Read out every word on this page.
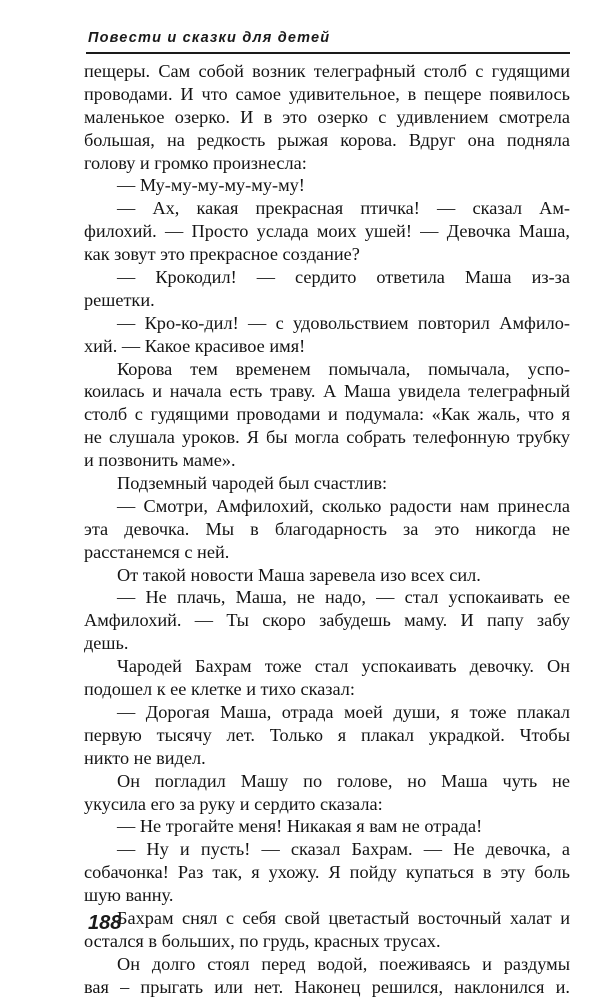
Повести и сказки для детей
пещеры. Сам собой возник телеграфный столб с гудящими
проводами. И что самое удивительное, в пещере появилось
маленькое озерко. И в это озерко с удивлением смотрела
большая, на редкость рыжая корова. Вдруг она подняла
голову и громко произнесла:
— Му-му-му-му-му-му!
— Ах, какая прекрасная птичка! — сказал Ам-
филохий. — Просто услада моих ушей! — Девочка Маша,
как зовут это прекрасное создание?
— Крокодил! — сердито ответила Маша из-за
решетки.
— Кро-ко-дил! — с удовольствием повторил Амфило-
хий. — Какое красивое имя!
Корова тем временем помычала, помычала, успо-
коилась и начала есть траву. А Маша увидела телеграфный
столб с гудящими проводами и подумала: «Как жаль, что я
не слушала уроков. Я бы могла собрать телефонную трубку
и позвонить маме».
Подземный чародей был счастлив:
— Смотри, Амфилохий, сколько радости нам принесла
эта девочка. Мы в благодарность за это никогда не
расстанемся с ней.
От такой новости Маша заревела изо всех сил.
— Не плачь, Маша, не надо, — стал успокаивать ее
Амфилохий. — Ты скоро забудешь маму. И папу забу
дешь.
Чародей Бахрам тоже стал успокаивать девочку. Он
подошел к ее клетке и тихо сказал:
— Дорогая Маша, отрада моей души, я тоже плакал
первую тысячу лет. Только я плакал украдкой. Чтобы
никто не видел.
Он погладил Машу по голове, но Маша чуть не
укусила его за руку и сердито сказала:
— Не трогайте меня! Никакая я вам не отрада!
— Ну и пусть! — сказал Бахрам. — Не девочка, а
собачонка! Раз так, я ухожу. Я пойду купаться в эту боль
шую ванну.
Бахрам снял с себя свой цветастый восточный халат и
остался в больших, по грудь, красных трусах.
Он долго стоял перед водой, поеживаясь и раздумы
вая – прыгать или нет. Наконец решился, наклонился и.
188
